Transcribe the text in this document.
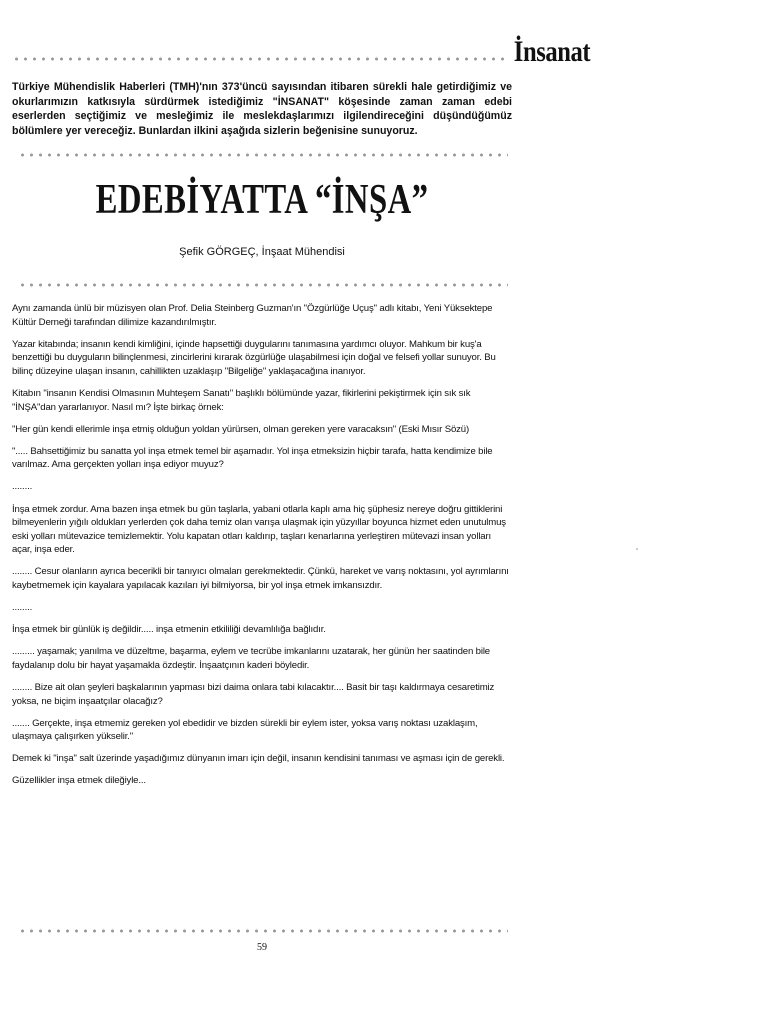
İnsanat
Türkiye Mühendislik Haberleri (TMH)'nın 373'üncü sayısından itibaren sürekli hale getirdiğimiz ve okurlarımızın katkısıyla sürdürmek istediğimiz "İNSANAT" köşesinde zaman zaman edebi eserlerden seçtiğimiz ve mesleğimiz ile meslekdaşlarımızı ilgilendireceğini düşündüğümüz bölümlere yer vereceğiz. Bunlardan ilkini aşağıda sizlerin beğenisine sunuyoruz.
EDEBİYATTA “İNŞA”
Şefik GÖRGEÇ, İnşaat Mühendisi

Aynı zamanda ünlü bir müzisyen olan Prof. Delia Steinberg Guzman'ın "Özgürlüğe Uçuş" adlı kitabı, Yeni Yüksektepe Kültür Derneği tarafından dilimize kazandırılmıştır.

Yazar kitabında; insanın kendi kimliğini, içinde hapsettiği duygularını tanımasına yardımcı oluyor. Mahkum bir kuş'a benzettiği bu duyguların bilinçlenmesi, zincirlerini kırarak özgürlüğe ulaşabilmesi için doğal ve felsefi yollar sunuyor. Bu bilinç düzeyine ulaşan insanın, cahillikten uzaklaşıp "Bilgeliğe" yaklaşacağına inanıyor.

Kitabın "insanın Kendisi Olmasının Muhteşem Sanatı" başlıklı bölümünde yazar, fikirlerini pekiştirmek için sık sık "İNŞA"dan yararlanıyor. Nasıl mı? İşte birkaç örnek:

"Her gün kendi ellerimle inşa etmiş olduğun yoldan yürürsen, olman gereken yere varacaksın" (Eski Mısır Sözü)

"..... Bahsettiğimiz bu sanatta yol inşa etmek temel bir aşamadır. Yol inşa etmeksizin hiçbir tarafa, hatta kendimize bile varılmaz. Ama gerçekten yolları inşa ediyor muyuz?

........

İnşa etmek zordur. Ama bazen inşa etmek bu gün taşlarla, yabani otlarla kaplı ama hiç şüphesiz nereye doğru gittiklerini bilmeyenlerin yığılı oldukları yerlerden çok daha temiz olan varışa ulaşmak için yüzyıllar boyunca hizmet eden unutulmuş eski yolları mütevazice temizlemektir. Yolu kapatan otları kaldırıp, taşları kenarlarına yerleştiren mütevazi insan yolları açar, inşa eder.

........ Cesur olanların ayrıca becerikli bir tanıyıcı olmaları gerekmektedir. Çünkü, hareket ve varış noktasını, yol ayrımlarını kaybetmemek için kayalara yapılacak kazıları iyi bilmiyorsa, bir yol inşa etmek imkansızdır.

........

İnşa etmek bir günlük iş değildir..... inşa etmenin etkililiği devamlılığa bağlıdır.

......... yaşamak; yanılma ve düzeltme, başarma, eylem ve tecrübe imkanlarını uzatarak, her günün her saatinden bile faydalanıp dolu bir hayat yaşamakla özdeştir. İnşaatçının kaderi böyledir.

........ Bize ait olan şeyleri başkalarının yapması bizi daima onlara tabi kılacaktır.... Basit bir taşı kaldırmaya cesaretimiz yoksa, ne biçim inşaatçılar olacağız?

....... Gerçekte, inşa etmemiz gereken yol ebedidir ve bizden sürekli bir eylem ister, yoksa varış noktası uzaklaşım, ulaşmaya çalışırken yükselir."

Demek ki "inşa" salt üzerinde yaşadığımız dünyanın imarı için değil, insanın kendisini tanıması ve aşması için de gerekli.

Güzellikler inşa etmek dileğiyle...

59
